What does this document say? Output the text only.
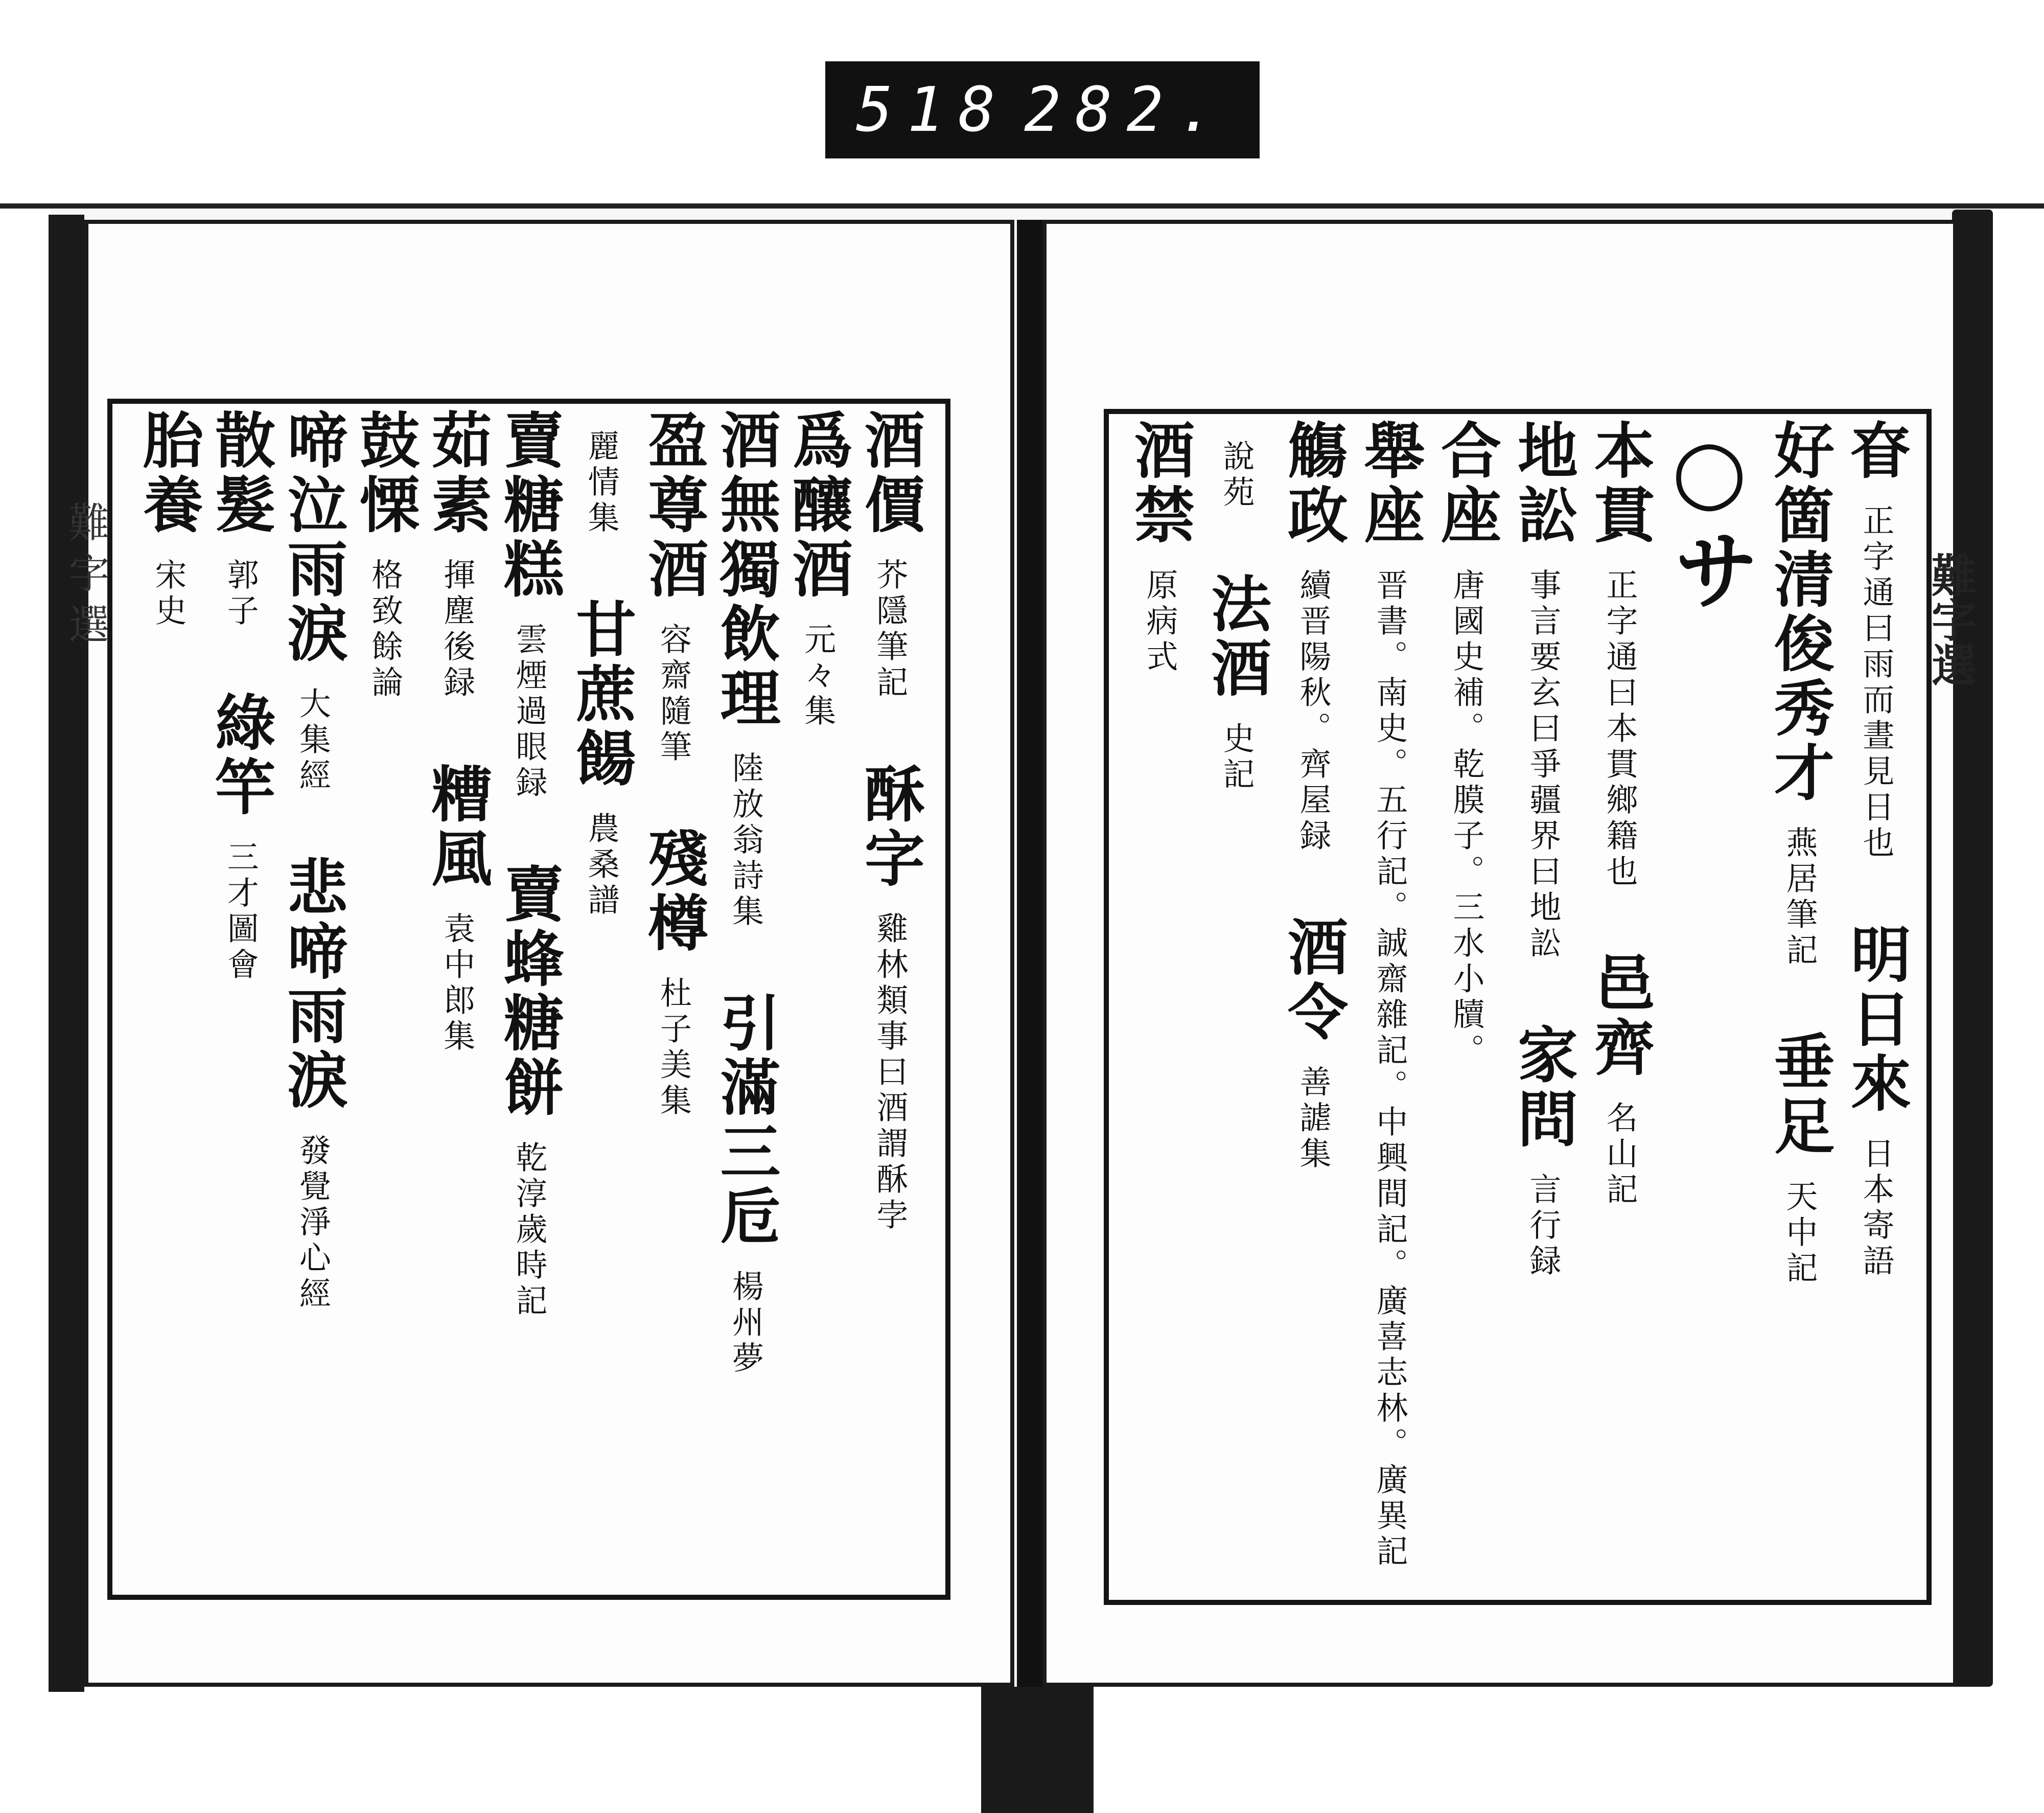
518 282.
難字選
難字選
眘正字通曰雨而晝見日也明日來日本寄語
好箇清俊秀才燕居筆記垂足天中記
○サ
本貫正字通曰本貫鄉籍也邑齊名山記
地訟事言要玄曰爭疆界曰地訟家問言行録
合座唐國史補。乾膜子。三水小牘。
舉座晋書。南史。五行記。誠齋雜記。中興間記。廣喜志林。廣異記
觴政續晋陽秋。齊屋録酒令善謔集
說苑法酒史記
酒禁原病式
酒價芥隱筆記酥字雞林類事曰酒謂酥孛
爲釀酒元々集
酒無獨飲理陸放翁詩集引滿三卮楊州夢
盈尊酒容齋隨筆殘樽杜子美集
麗情集甘蔗餳農桑譜
賣糖糕雲煙過眼録賣蜂糖餅乾淳歲時記
茹素揮塵後録糟風袁中郎集
鼓慄格致餘論
啼泣雨淚大集經悲啼雨淚發覺淨心經
散髮郭子綠竿三才圖會
胎養宋史
